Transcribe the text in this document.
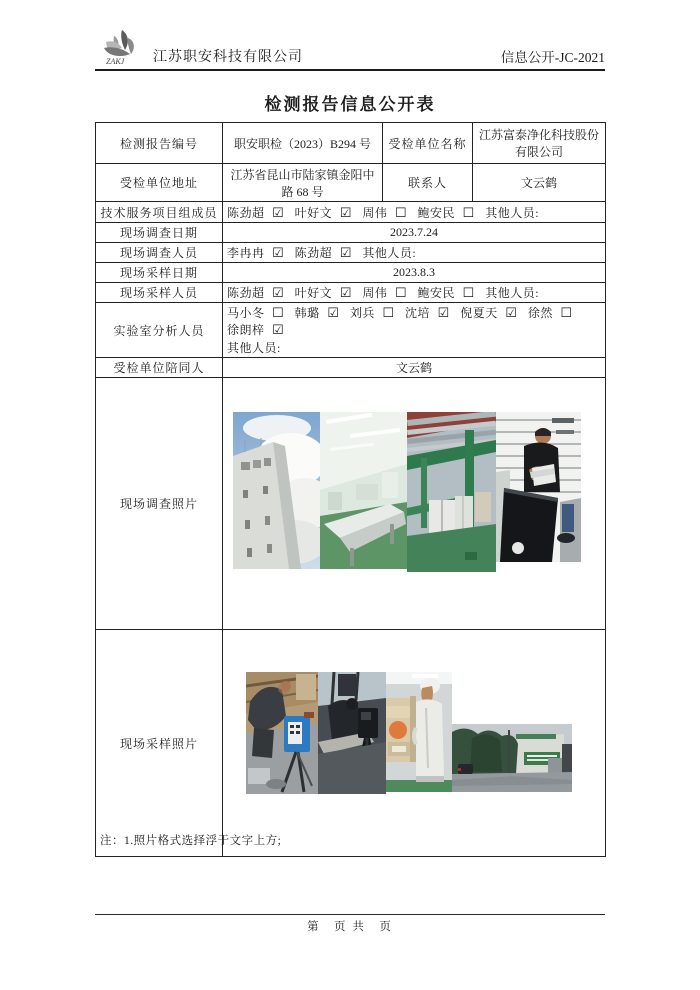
ZAKJ 江苏职安科技有限公司	信息公开-JC-2021
检测报告信息公开表
检测报告编号	职安职检（2023）B294 号	受检单位名称	江苏富泰净化科技股份有限公司
受检单位地址	江苏省昆山市陆家镇金阳中路 68 号	联系人	文云鹤
技术服务项目组成员	陈劲超 ☑ 叶好文 ☑ 周伟 ☐ 鲍安民 ☐ 其他人员:		
现场调查日期	2023.7.24		
现场调查人员	李冉冉 ☑ 陈劲超 ☑ 其他人员:		
现场采样日期	2023.8.3		
现场采样人员	陈劲超 ☑ 叶好文 ☑ 周伟 ☐ 鲍安民 ☐ 其他人员:		
实验室分析人员	马小冬 ☐ 韩璐 ☑ 刘兵 ☐ 沈培 ☑ 倪夏天 ☑ 徐然 ☐徐朗梓 ☑
其他人员:		

受检单位陪同人	文云鹤		
现场调查照片	

现场采样照片	
注：1.照片格式选择浮于文字上方;
第　页 共　页
